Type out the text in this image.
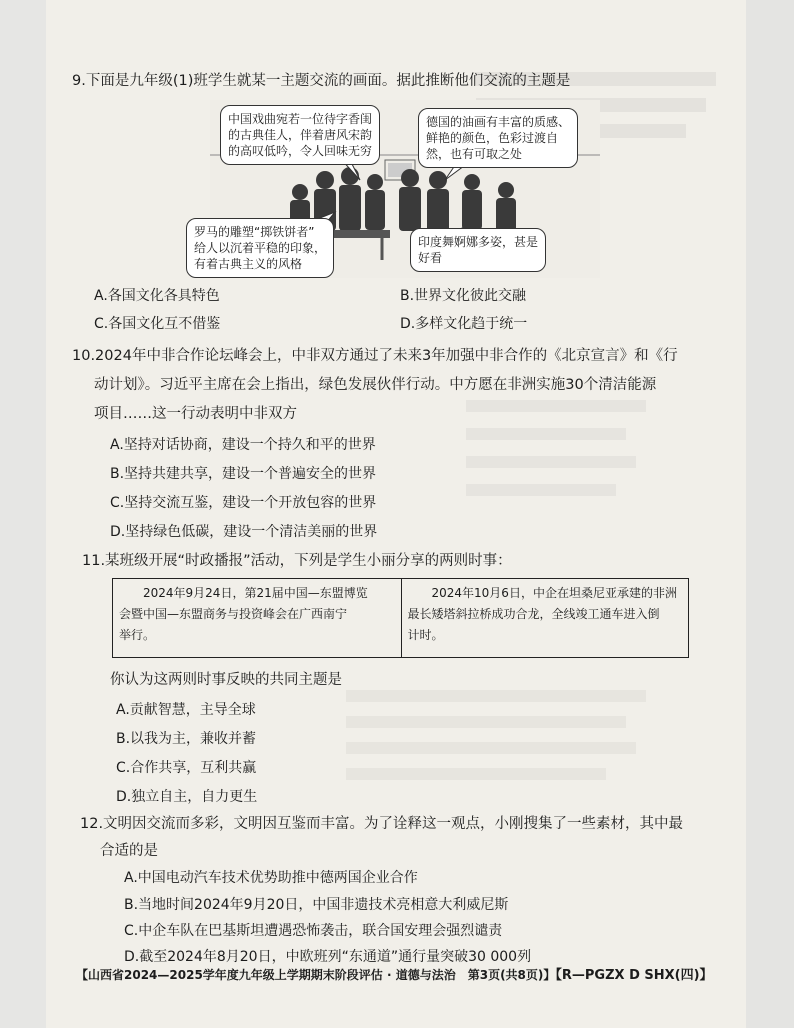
9.下面是九年级(1)班学生就某一主题交流的画面。据此推断他们交流的主题是
中国戏曲宛若一位待字香闺
的古典佳人，伴着唐风宋韵
的高叹低吟，令人回味无穷
德国的油画有丰富的质感、
鲜艳的颜色，色彩过渡自
然，也有可取之处
罗马的雕塑“掷铁饼者”
给人以沉着平稳的印象，
有着古典主义的风格
印度舞婀娜多姿，甚是
好看
A.各国文化各具特色	B.世界文化彼此交融
C.各国文化互不借鉴	D.多样文化趋于统一
10.2024年中非合作论坛峰会上，中非双方通过了未来3年加强中非合作的《北京宣言》和《行
动计划》。习近平主席在会上指出，绿色发展伙伴行动。中方愿在非洲实施30个清洁能源
项目……这一行动表明中非双方
A.坚持对话协商，建设一个持久和平的世界
B.坚持共建共享，建设一个普遍安全的世界
C.坚持交流互鉴，建设一个开放包容的世界
D.坚持绿色低碳，建设一个清洁美丽的世界
11.某班级开展“时政播报”活动，下列是学生小丽分享的两则时事：
　　2024年9月24日，第21届中国—东盟博览
会暨中国—东盟商务与投资峰会在广西南宁
举行。
　　2024年10月6日，中企在坦桑尼亚承建的非洲
最长矮塔斜拉桥成功合龙，全线竣工通车进入倒
计时。
你认为这两则时事反映的共同主题是
A.贡献智慧，主导全球
B.以我为主，兼收并蓄
C.合作共享，互利共赢
D.独立自主，自力更生
12.文明因交流而多彩，文明因互鉴而丰富。为了诠释这一观点，小刚搜集了一些素材，其中最
合适的是
A.中国电动汽车技术优势助推中德两国企业合作
B.当地时间2024年9月20日，中国非遗技术亮相意大利威尼斯
C.中企车队在巴基斯坦遭遇恐怖袭击，联合国安理会强烈谴责
D.截至2024年8月20日，中欧班列“东通道”通行量突破30 000列
【山西省2024—2025学年度九年级上学期期末阶段评估 · 道德与法治　第3页(共8页)】【R—PGZX D SHX(四)】
